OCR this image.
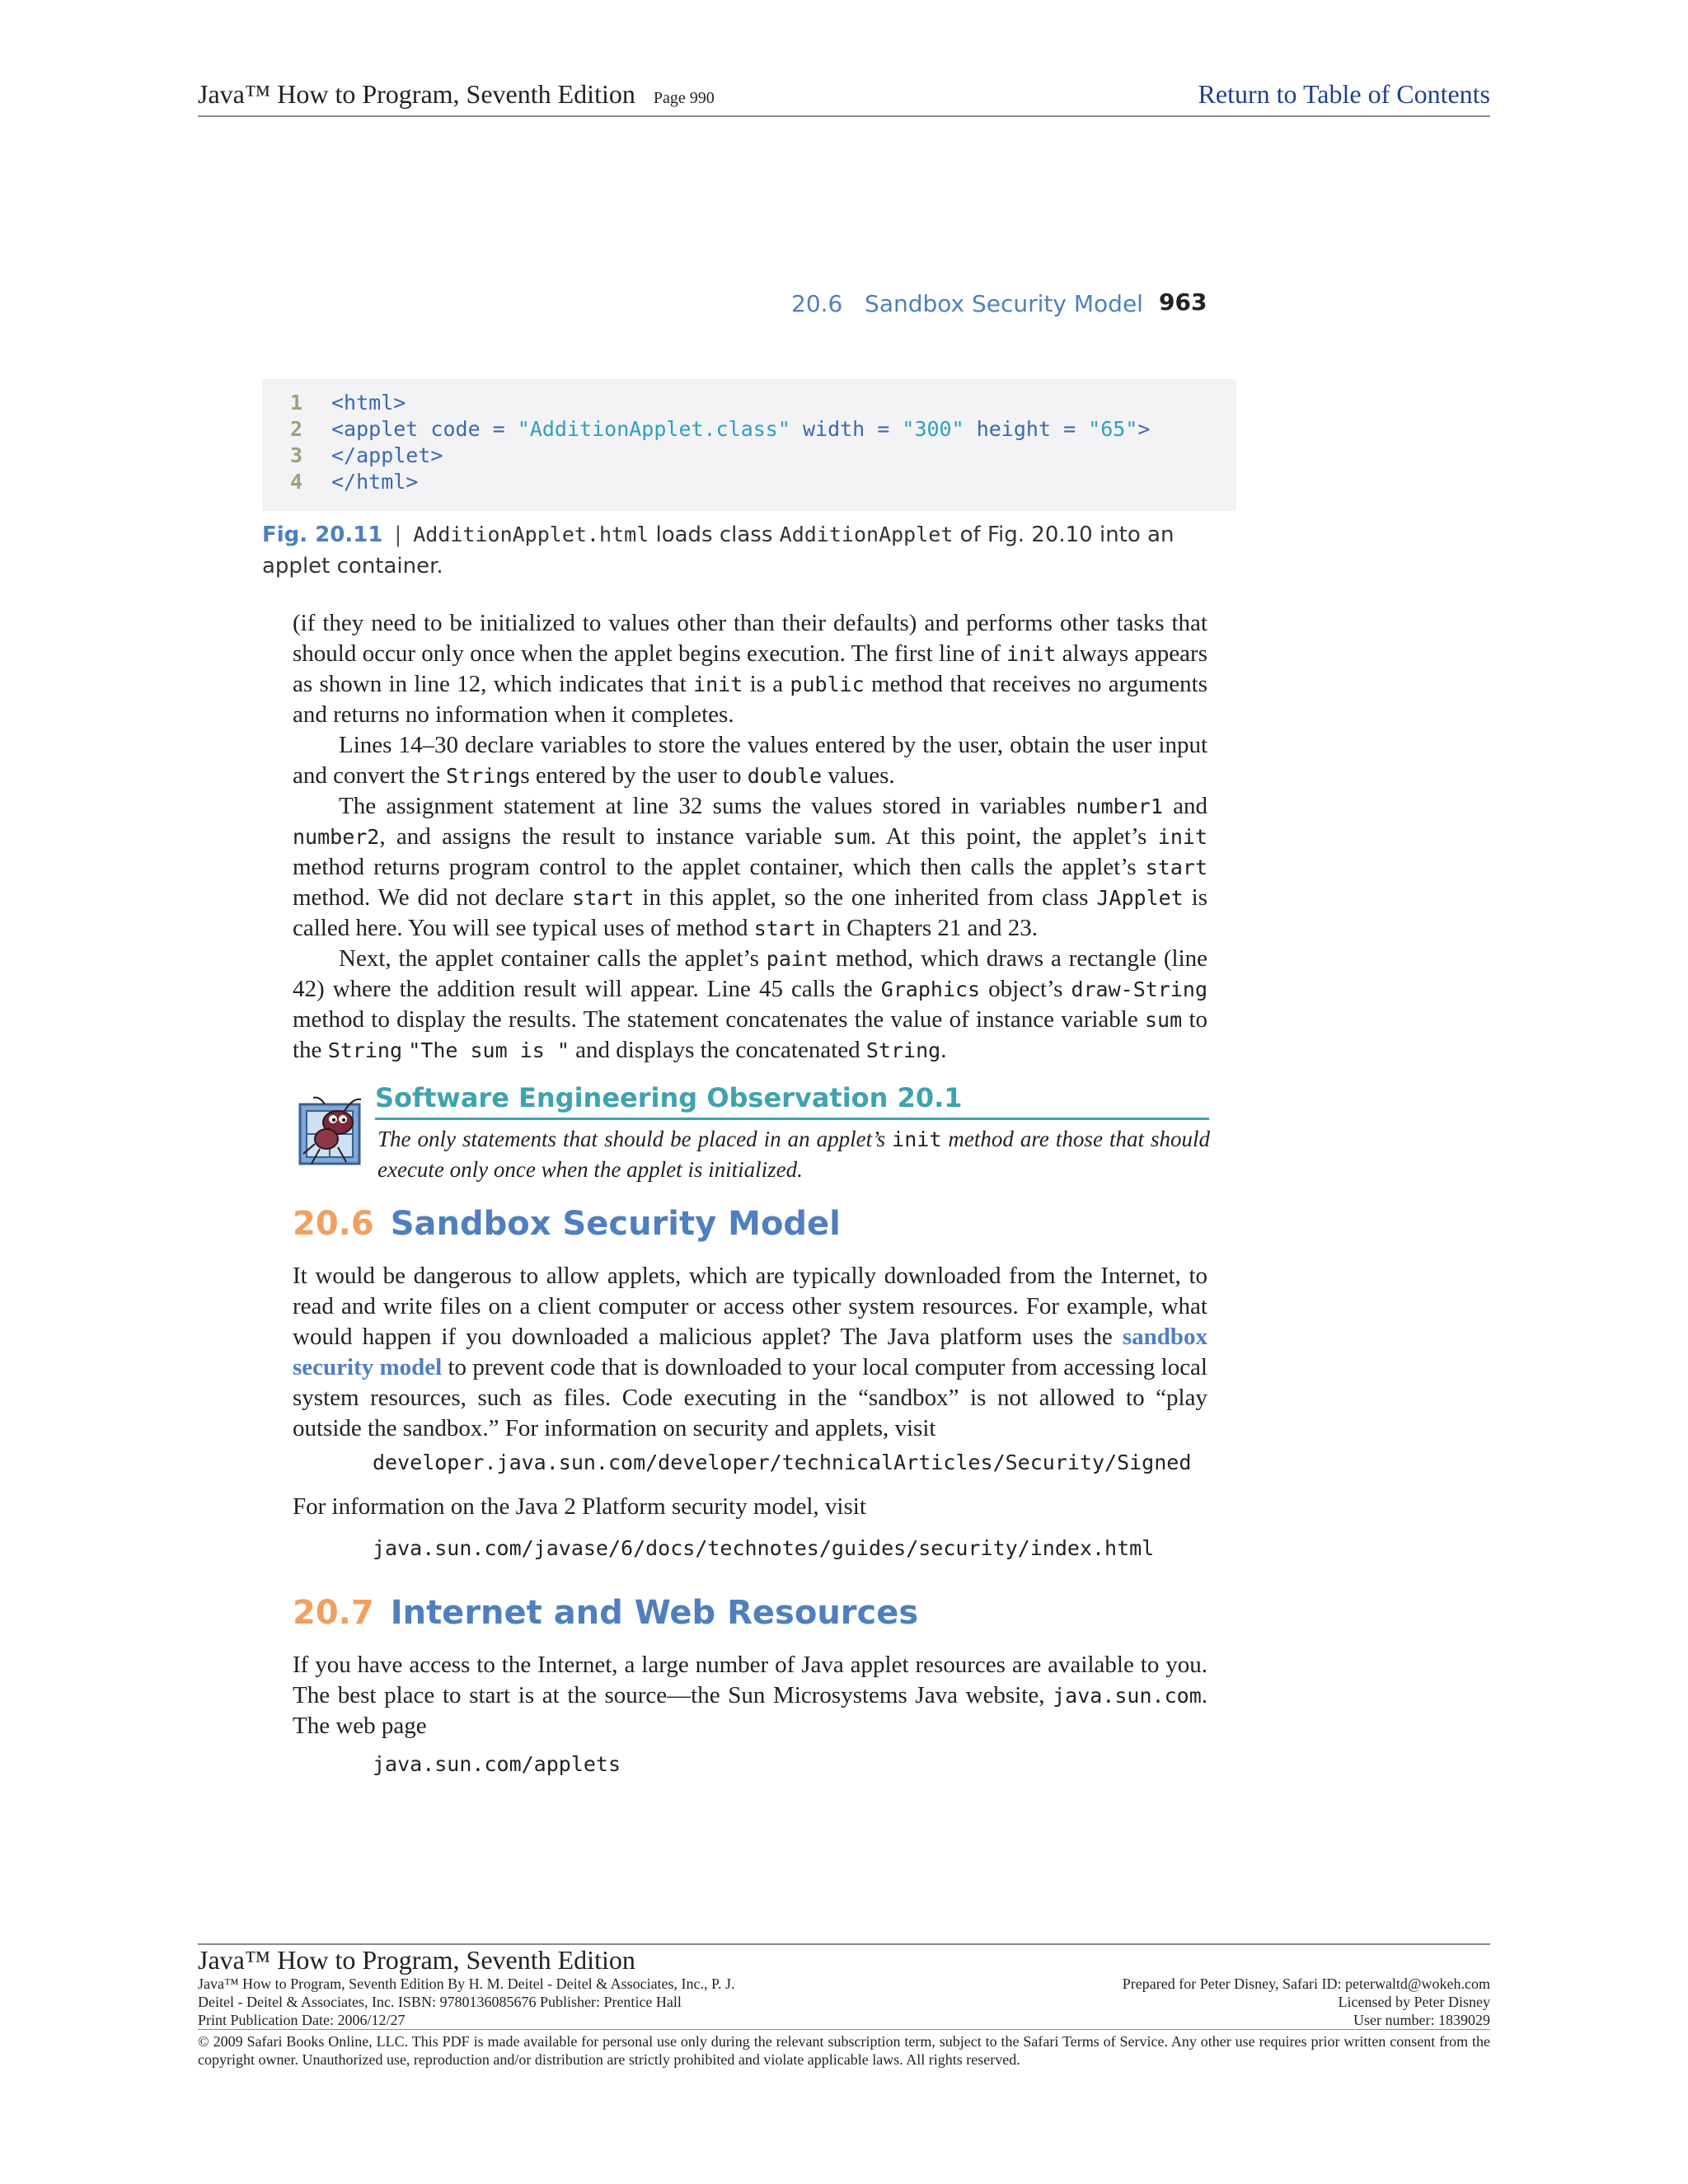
Java™ How to Program, Seventh Edition Page 990	Return to Table of Contents
20.6   Sandbox Security Model 963
1	<html>
2	<applet code = "AdditionApplet.class" width = "300" height = "65">
3	</applet>
4	</html>
Fig. 20.11 | AdditionApplet.html loads class AdditionApplet of Fig. 20.10 into an applet container.
(if they need to be initialized to values other than their defaults) and performs other tasks that should occur only once when the applet begins execution. The first line of init always appears as shown in line 12, which indicates that init is a public method that receives no arguments and returns no information when it completes.
Lines 14–30 declare variables to store the values entered by the user, obtain the user input and convert the Strings entered by the user to double values.
The assignment statement at line 32 sums the values stored in variables number1 and number2, and assigns the result to instance variable sum. At this point, the applet’s init method returns program control to the applet container, which then calls the applet’s start method. We did not declare start in this applet, so the one inherited from class JApplet is called here. You will see typical uses of method start in Chapters 21 and 23.
Next, the applet container calls the applet’s paint method, which draws a rectangle (line 42) where the addition result will appear. Line 45 calls the Graphics object’s draw-String method to display the results. The statement concatenates the value of instance variable sum to the String "The sum is " and displays the concatenated String.
Software Engineering Observation 20.1
The only statements that should be placed in an applet’s init method are those that should execute only once when the applet is initialized.
20.6 Sandbox Security Model
It would be dangerous to allow applets, which are typically downloaded from the Internet, to read and write files on a client computer or access other system resources. For example, what would happen if you downloaded a malicious applet? The Java platform uses the sandbox security model to prevent code that is downloaded to your local computer from accessing local system resources, such as files. Code executing in the “sandbox” is not allowed to “play outside the sandbox.” For information on security and applets, visit
developer.java.sun.com/developer/technicalArticles/Security/Signed
For information on the Java 2 Platform security model, visit
java.sun.com/javase/6/docs/technotes/guides/security/index.html
20.7 Internet and Web Resources
If you have access to the Internet, a large number of Java applet resources are available to you. The best place to start is at the source—the Sun Microsystems Java website, java.sun.com. The web page
java.sun.com/applets
Java™ How to Program, Seventh Edition
Java™ How to Program, Seventh Edition By H. M. Deitel - Deitel & Associates, Inc., P. J.
Deitel - Deitel & Associates, Inc. ISBN: 9780136085676 Publisher: Prentice Hall
Print Publication Date: 2006/12/27
Prepared for Peter Disney, Safari ID: peterwaltd@wokeh.com
Licensed by Peter Disney
User number: 1839029
© 2009 Safari Books Online, LLC. This PDF is made available for personal use only during the relevant subscription term, subject to the Safari Terms of Service. Any other use requires prior written consent from the copyright owner. Unauthorized use, reproduction and/or distribution are strictly prohibited and violate applicable laws. All rights reserved.
